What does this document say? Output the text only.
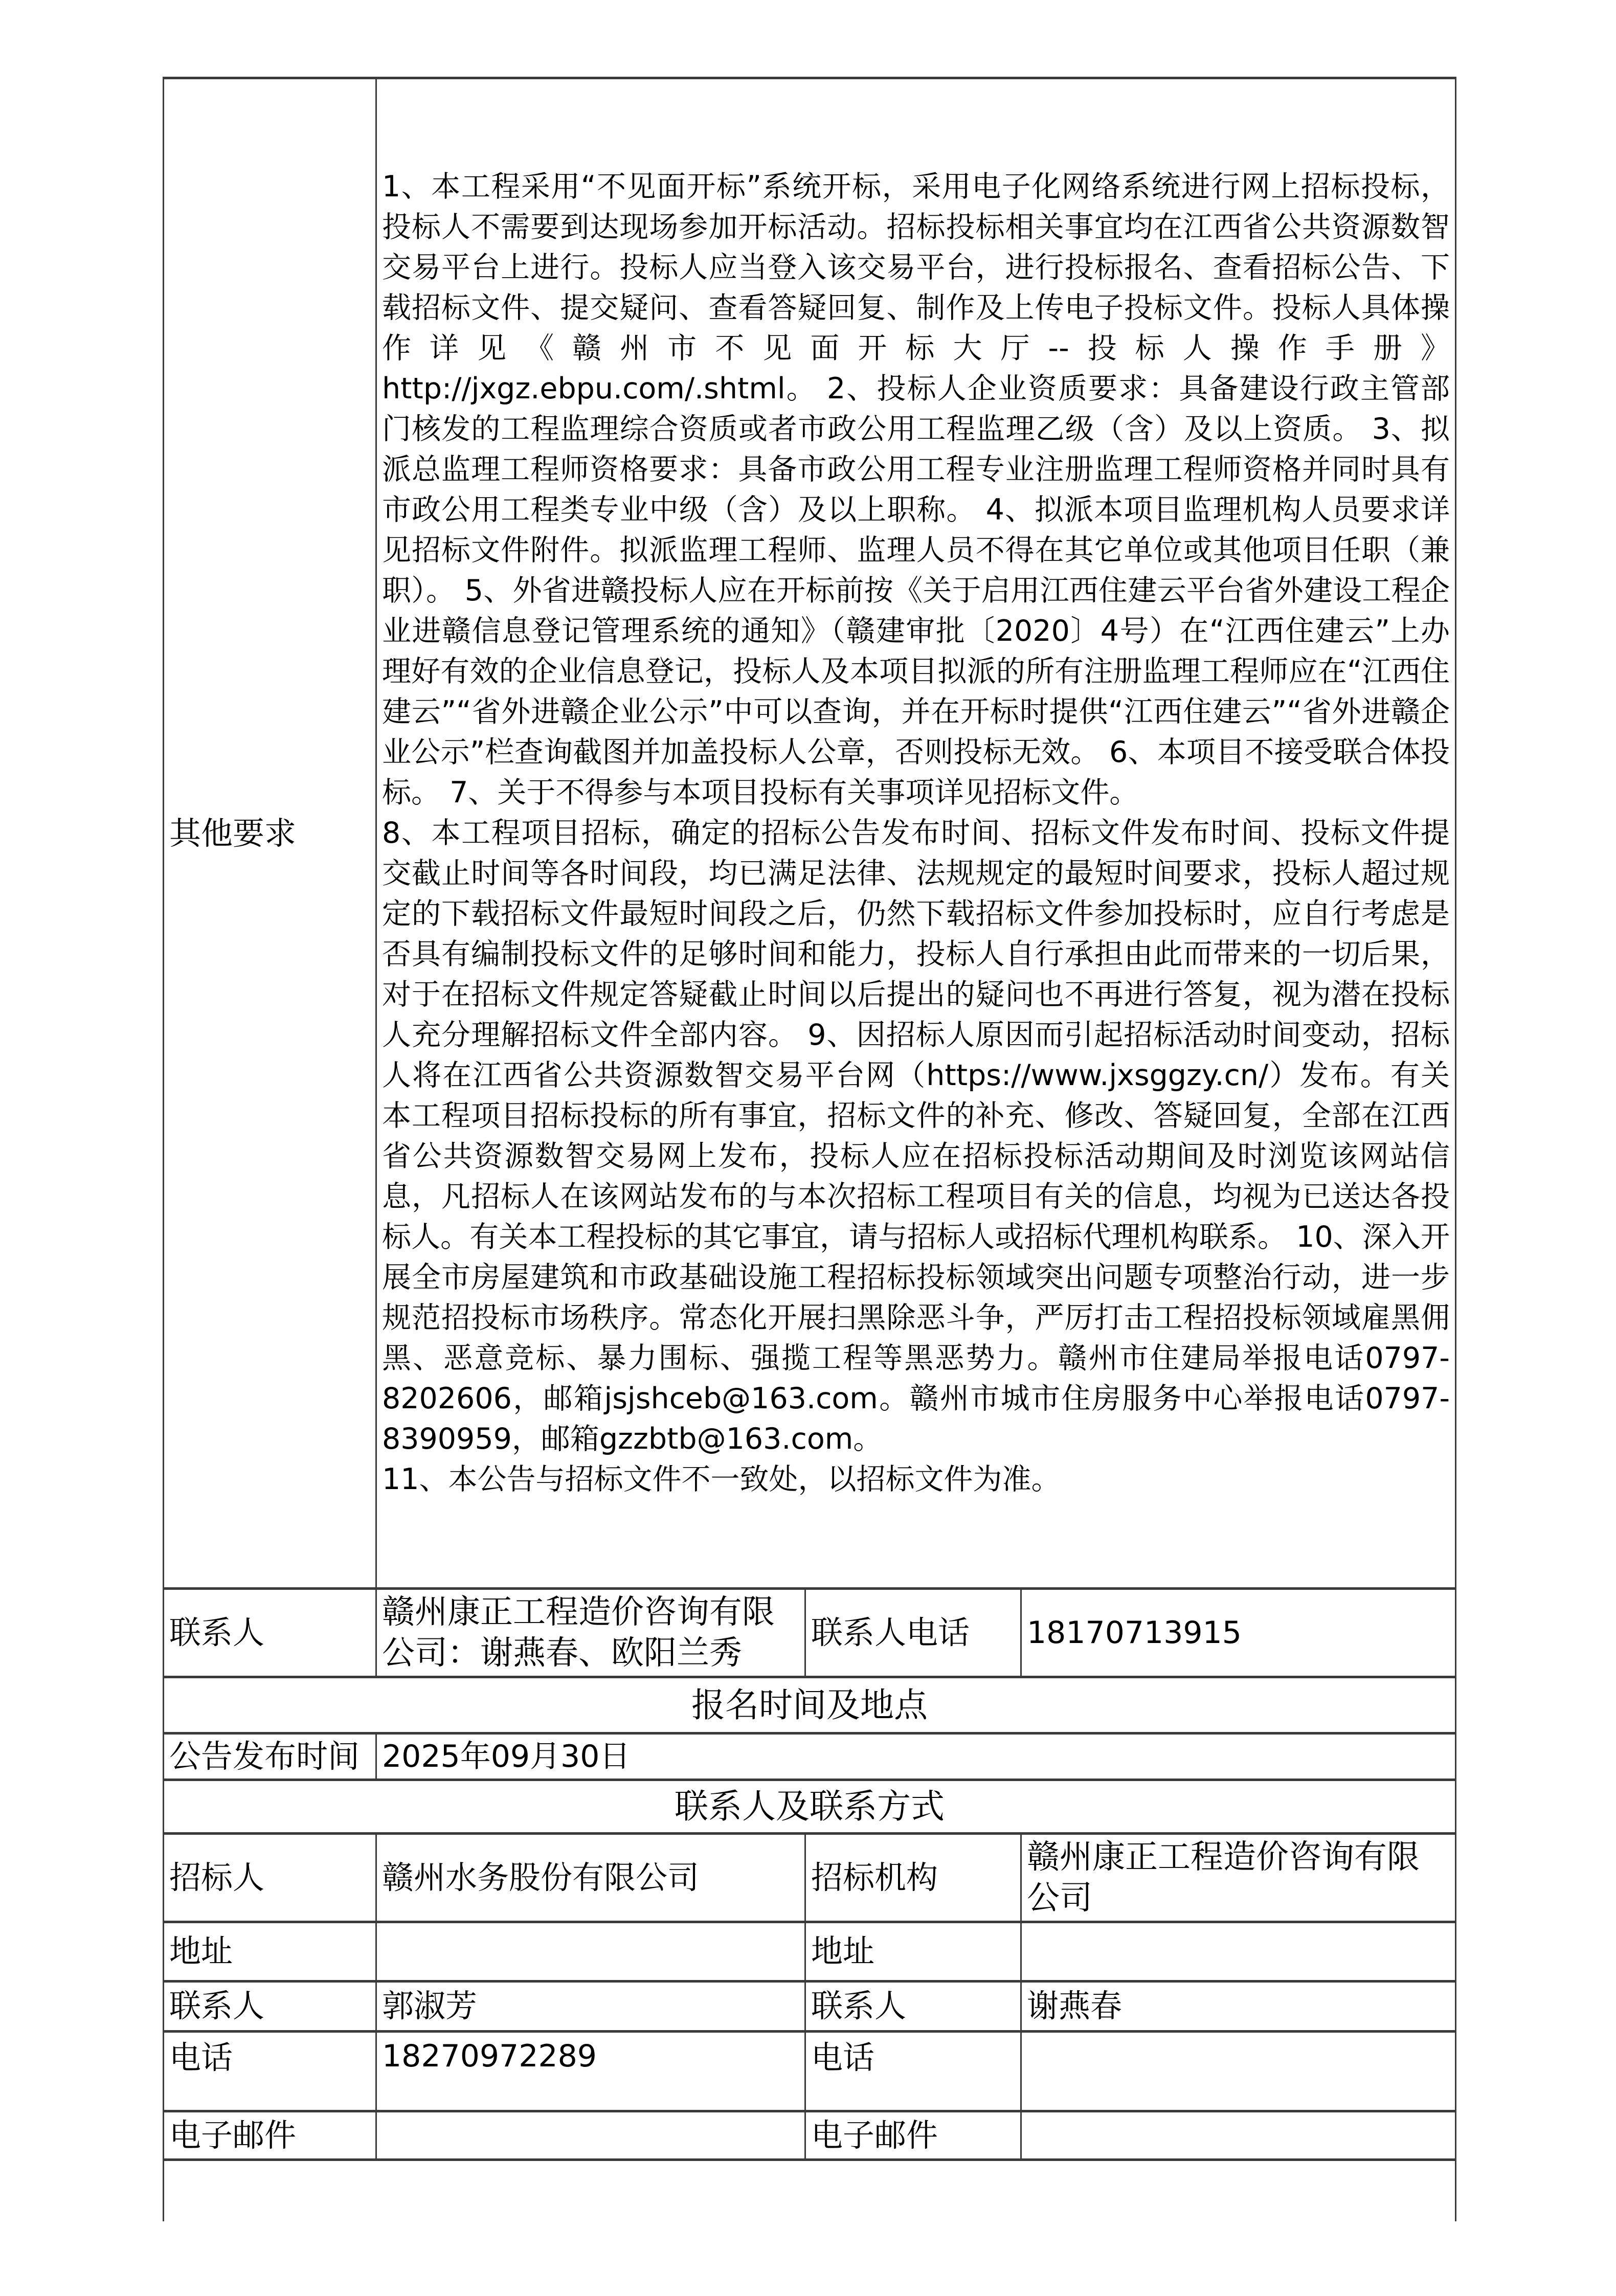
其他要求	1、本工程采用“不见面开标”系统开标，采用电子化网络系统进行网上招标投标，投标人不需要到达现场参加开标活动。招标投标相关事宜均在江西省公共资源数智交易平台上进行。投标人应当登入该交易平台，进行投标报名、查看招标公告、下载招标文件、提交疑问、查看答疑回复、制作及上传电子投标文件。投标人具体操作详见《赣州市不见面开标大厅--投标人操作手册》http://jxgz.ebpu.com/.shtml。 2、投标人企业资质要求：具备建设行政主管部门核发的工程监理综合资质或者市政公用工程监理乙级（含）及以上资质。 3、拟派总监理工程师资格要求：具备市政公用工程专业注册监理工程师资格并同时具有市政公用工程类专业中级（含）及以上职称。 4、拟派本项目监理机构人员要求详见招标文件附件。拟派监理工程师、监理人员不得在其它单位或其他项目任职（兼职）。 5、外省进赣投标人应在开标前按《关于启用江西住建云平台省外建设工程企业进赣信息登记管理系统的通知》（赣建审批〔2020〕4号）在“江西住建云”上办理好有效的企业信息登记，投标人及本项目拟派的所有注册监理工程师应在“江西住建云”“省外进赣企业公示”中可以查询，并在开标时提供“江西住建云”“省外进赣企业公示”栏查询截图并加盖投标人公章，否则投标无效。 6、本项目不接受联合体投标。 7、关于不得参与本项目投标有关事项详见招标文件。

8、本工程项目招标，确定的招标公告发布时间、招标文件发布时间、投标文件提交截止时间等各时间段，均已满足法律、法规规定的最短时间要求，投标人超过规定的下载招标文件最短时间段之后，仍然下载招标文件参加投标时，应自行考虑是否具有编制投标文件的足够时间和能力，投标人自行承担由此而带来的一切后果，对于在招标文件规定答疑截止时间以后提出的疑问也不再进行答复，视为潜在投标人充分理解招标文件全部内容。 9、因招标人原因而引起招标活动时间变动，招标人将在江西省公共资源数智交易平台网（https://www.jxsggzy.cn/）发布。有关本工程项目招标投标的所有事宜，招标文件的补充、修改、答疑回复，全部在江西省公共资源数智交易网上发布，投标人应在招标投标活动期间及时浏览该网站信息，凡招标人在该网站发布的与本次招标工程项目有关的信息，均视为已送达各投标人。有关本工程投标的其它事宜，请与招标人或招标代理机构联系。 10、深入开展全市房屋建筑和市政基础设施工程招标投标领域突出问题专项整治行动，进一步规范招投标市场秩序。常态化开展扫黑除恶斗争，严厉打击工程招投标领域雇黑佣黑、恶意竞标、暴力围标、强揽工程等黑恶势力。赣州市住建局举报电话0797-8202606，邮箱jsjshceb@163.com。赣州市城市住房服务中心举报电话0797- 8390959，邮箱gzzbtb@163.com。

11、本公告与招标文件不一致处，以招标文件为准。		

联系人	赣州康正工程造价咨询有限公司：谢燕春、欧阳兰秀	联系人电话	18170713915
报名时间及地点			
公告发布时间	2025年09月30日		
联系人及联系方式			
招标人	赣州水务股份有限公司	招标机构	赣州康正工程造价咨询有限公司
地址		地址	
联系人	郭淑芳	联系人	谢燕春
电话	18270972289	电话	
电子邮件		电子邮件	
